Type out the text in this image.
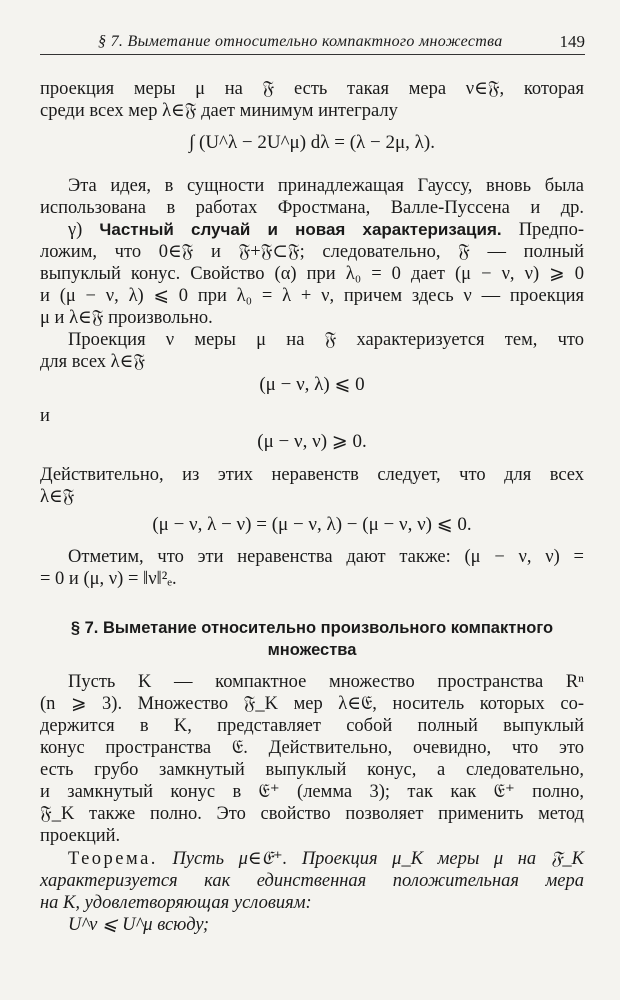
§ 7. Выметание относительно компактного множества	149
проекция меры μ на 𝔉 есть такая мера ν∈𝔉, которая
среди всех мер λ∈𝔉 дает минимум интегралу
∫ (U^λ − 2U^μ) dλ = (λ − 2μ, λ).
Эта идея, в сущности принадлежащая Гауссу, вновь была
использована в работах Фростмана, Валле-Пуссена и др.
γ) Частный случай и новая характеризация. Предпо-
ложим, что 0∈𝔉 и 𝔉+𝔉⊂𝔉; следовательно, 𝔉 — полный
выпуклый конус. Свойство (α) при λ₀ = 0 дает (μ − ν, ν) ⩾ 0
и (μ − ν, λ) ⩽ 0 при λ₀ = λ + ν, причем здесь ν — проекция
μ и λ∈𝔉 произвольно.
Проекция ν меры μ на 𝔉 характеризуется тем, что
для всех λ∈𝔉
(μ − ν, λ) ⩽ 0
и
(μ − ν, ν) ⩾ 0.
Действительно, из этих неравенств следует, что для всех
λ∈𝔉
(μ − ν, λ − ν) = (μ − ν, λ) − (μ − ν, ν) ⩽ 0.
Отметим, что эти неравенства дают также: (μ − ν, ν) =
= 0 и (μ, ν) = ‖ν‖²ₑ.
§ 7. Выметание относительно произвольного компактного
множества
Пусть K — компактное множество пространства Rⁿ
(n ⩾ 3). Множество 𝔉_K мер λ∈𝔈, носитель которых со-
держится в K, представляет собой полный выпуклый
конус пространства 𝔈. Действительно, очевидно, что это
есть грубо замкнутый выпуклый конус, а следовательно,
и замкнутый конус в 𝔈⁺ (лемма 3); так как 𝔈⁺ полно,
𝔉_K также полно. Это свойство позволяет применить метод
проекций.
Теорема. Пусть μ∈𝔈⁺. Проекция μ_K меры μ на 𝔉_K
характеризуется как единственная положительная мера
на K, удовлетворяющая условиям:
U^ν ⩽ U^μ всюду;
